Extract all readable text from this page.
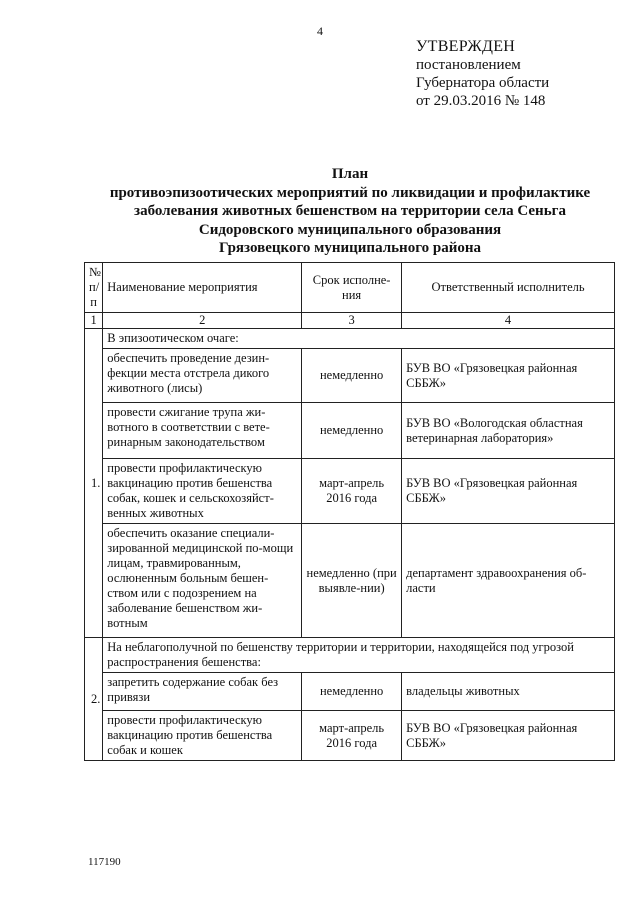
4
УТВЕРЖДЕН
постановлением
Губернатора области
от 29.03.2016 № 148
План
противоэпизоотических мероприятий по ликвидации и профилактике
заболевания животных бешенством на территории села Сеньга
Сидоровского муниципального образования
Грязовецкого муниципального района
№ п/п	Наименование мероприятия	Срок исполне-ния	Ответственный исполнитель
1	2	3	4
1.	В эпизоотическом очаге:		
	обеспечить проведение дезин-фекции места отстрела дикого животного (лисы)	немедленно	БУВ ВО «Грязовецкая районная СББЖ»
	провести сжигание трупа жи-вотного в соответствии с вете-ринарным законодательством	немедленно	БУВ ВО «Вологодская областная ветеринарная лаборатория»
	провести профилактическую вакцинацию против бешенства собак, кошек и сельскохозяйст-венных животных	март-апрель 2016 года	БУВ ВО «Грязовецкая районная СББЖ»
	обеспечить оказание специали-зированной медицинской по-мощи лицам, травмированным, ослюненным больным бешен-ством или с подозрением на заболевание бешенством жи-вотным	немедленно (при выявле-нии)	департамент здравоохранения об-ласти
2.	На неблагополучной по бешенству территории и территории, находящейся под угрозой распространения бешенства:		
	запретить содержание собак без привязи	немедленно	владельцы животных
	провести профилактическую вакцинацию против бешенства собак и кошек	март-апрель 2016 года	БУВ ВО «Грязовецкая районная СББЖ»
117190
